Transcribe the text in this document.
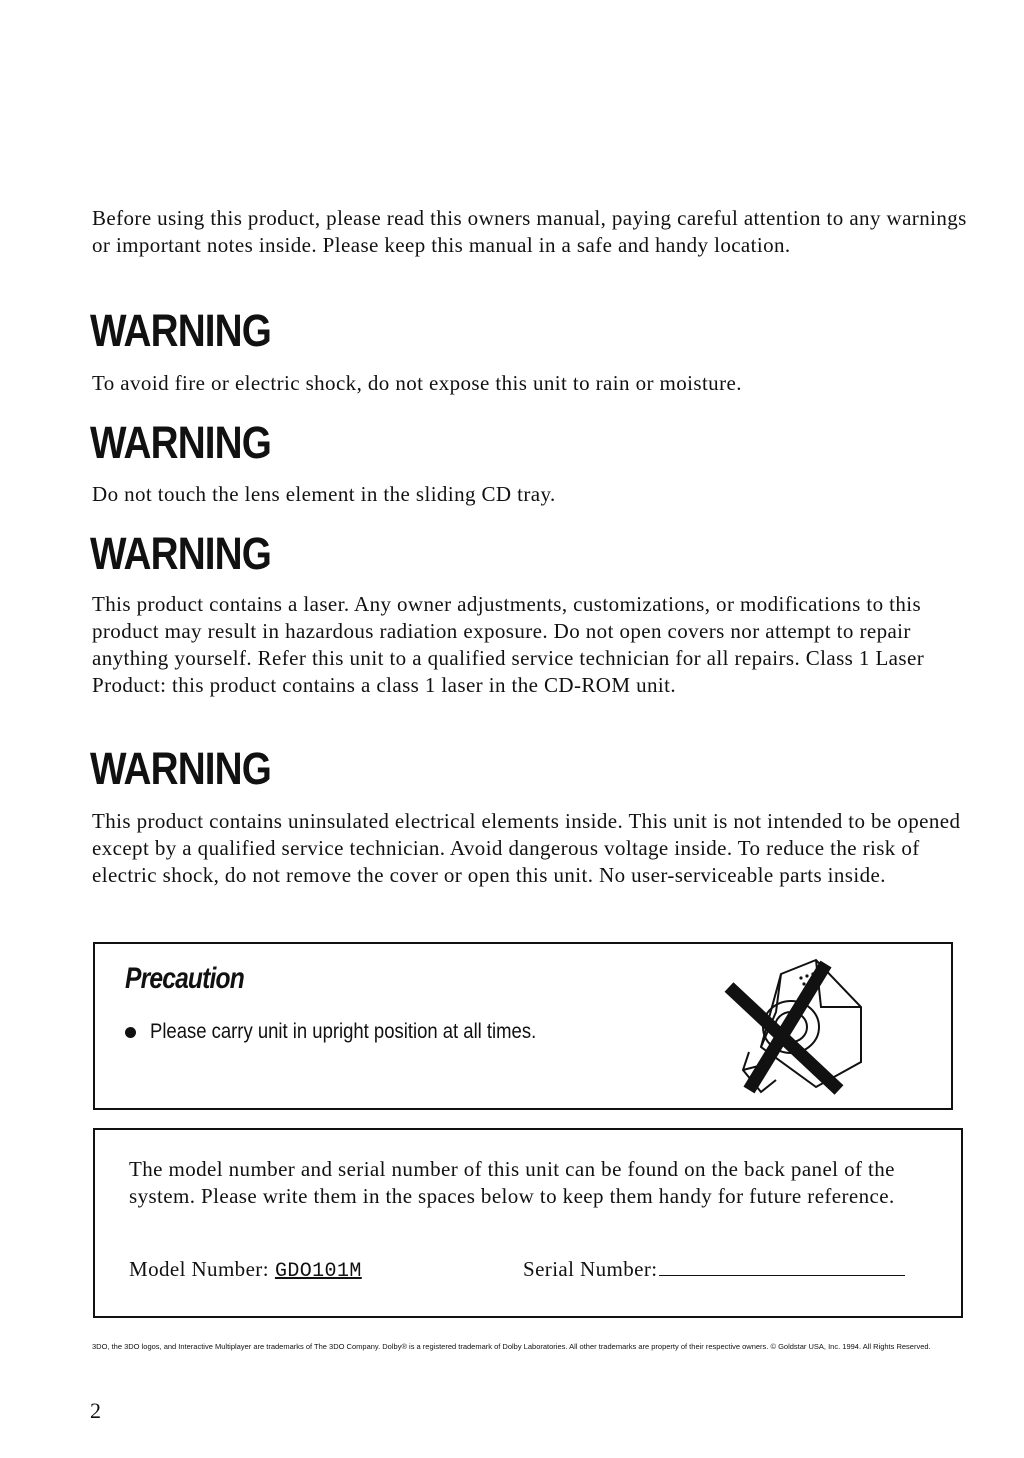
Before using this product, please read this owners manual, paying careful attention to any warnings or important notes inside. Please keep this manual in a safe and handy location.

WARNING

To avoid fire or electric shock, do not expose this unit to rain or moisture.

WARNING

Do not touch the lens element in the sliding CD tray.

WARNING

This product contains a laser. Any owner adjustments, customizations, or modifications to this product may result in hazardous radiation exposure. Do not open covers nor attempt to repair anything yourself. Refer this unit to a qualified service technician for all repairs. Class 1 Laser Product: this product contains a class 1 laser in the CD-ROM unit.

WARNING

This product contains uninsulated electrical elements inside. This unit is not intended to be opened except by a qualified service technician. Avoid dangerous voltage inside. To reduce the risk of electric shock, do not remove the cover or open this unit. No user-serviceable parts inside.

Precaution
Please carry unit in upright position at all times.

The model number and serial number of this unit can be found on the back panel of the system. Please write them in the spaces below to keep them handy for future reference.

Model Number: GDO101M	Serial Number:

3DO, the 3DO logos, and Interactive Multiplayer are trademarks of The 3DO Company. Dolby® is a registered trademark of Dolby Laboratories. All other trademarks are property of their respective owners. © Goldstar USA, Inc. 1994. All Rights Reserved.

2
